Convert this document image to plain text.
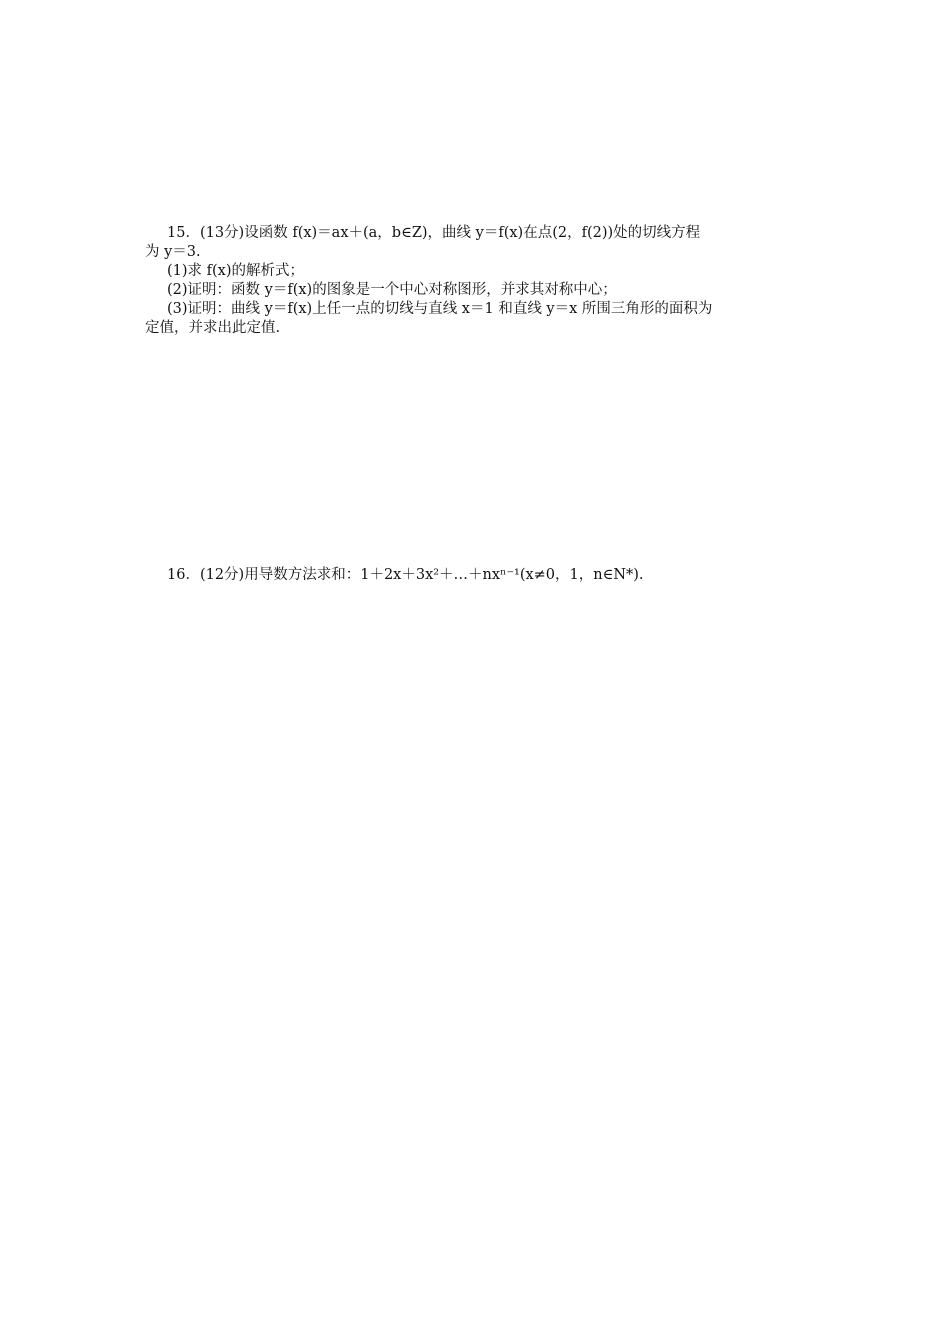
15．(13分)设函数 f(x)＝ax＋(a，b∈Z)，曲线 y＝f(x)在点(2，f(2))处的切线方程
为 y＝3.
(1)求 f(x)的解析式；
(2)证明：函数 y＝f(x)的图象是一个中心对称图形，并求其对称中心；
(3)证明：曲线 y＝f(x)上任一点的切线与直线 x＝1 和直线 y＝x 所围三角形的面积为
定值，并求出此定值.
16．(12分)用导数方法求和：1＋2x＋3x²＋…＋nxⁿ⁻¹(x≠0，1，n∈N*).
